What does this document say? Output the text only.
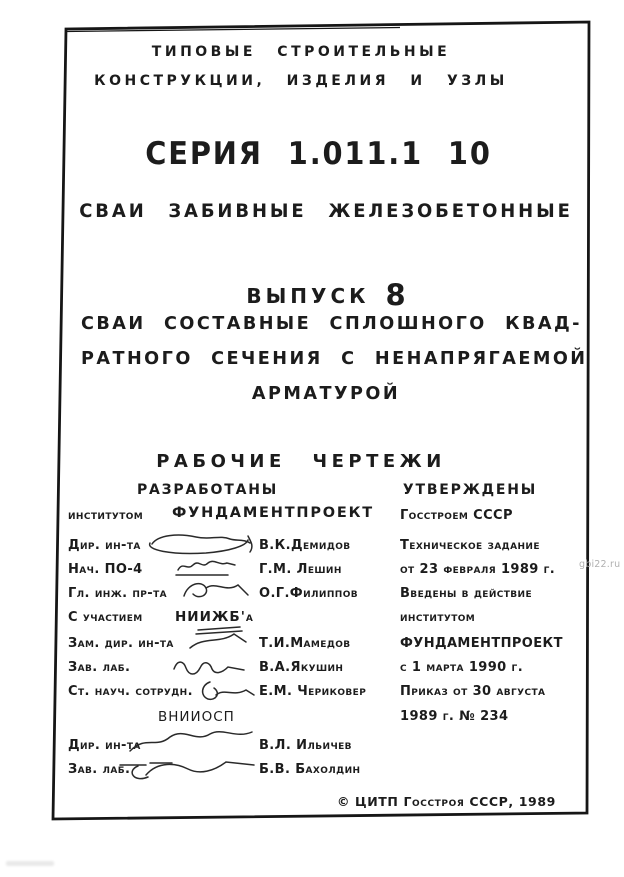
ТИПОВЫЕ СТРОИТЕЛЬНЫЕ
КОНСТРУКЦИИ, ИЗДЕЛИЯ И УЗЛЫ
СЕРИЯ 1.011.1 10
СВАИ ЗАБИВНЫЕ ЖЕЛЕЗОБЕТОННЫЕ
ВЫПУСК 8
СВАИ СОСТАВНЫЕ СПЛОШНОГО КВАД-
РАТНОГО СЕЧЕНИЯ С НЕНАПРЯГАЕМОЙ
АРМАТУРОЙ
РАБОЧИЕ ЧЕРТЕЖИ
РАЗРАБОТАНЫ	УТВЕРЖДЕНЫ
институтом ФУНДАМЕНТПРОЕКТ
Дир. ин-та	В.К.Демидов
Нач. ПО-4	Г.М. Лешин
Гл. инж. пр-та	О.Г.Филиппов
С участием НИИЖБ'а
Зам. дир. ин-та	Т.И.Мамедов
Зав. лаб.	В.А.Якушин
Ст. науч. сотрудн.	Е.М. Чериковер
ВНИИОСП
Дир. ин-та	В.Л. Ильичев
Зав. лаб.	Б.В. Бахолдин
Госстроем СССР
Техническое задание
от 23 февраля 1989 г.
Введены в действие
институтом
ФУНДАМЕНТПРОЕКТ
с 1 марта 1990 г.
Приказ от 30 августа
1989 г. № 234
© ЦИТП Госстроя СССР, 1989
gbi22.ru
